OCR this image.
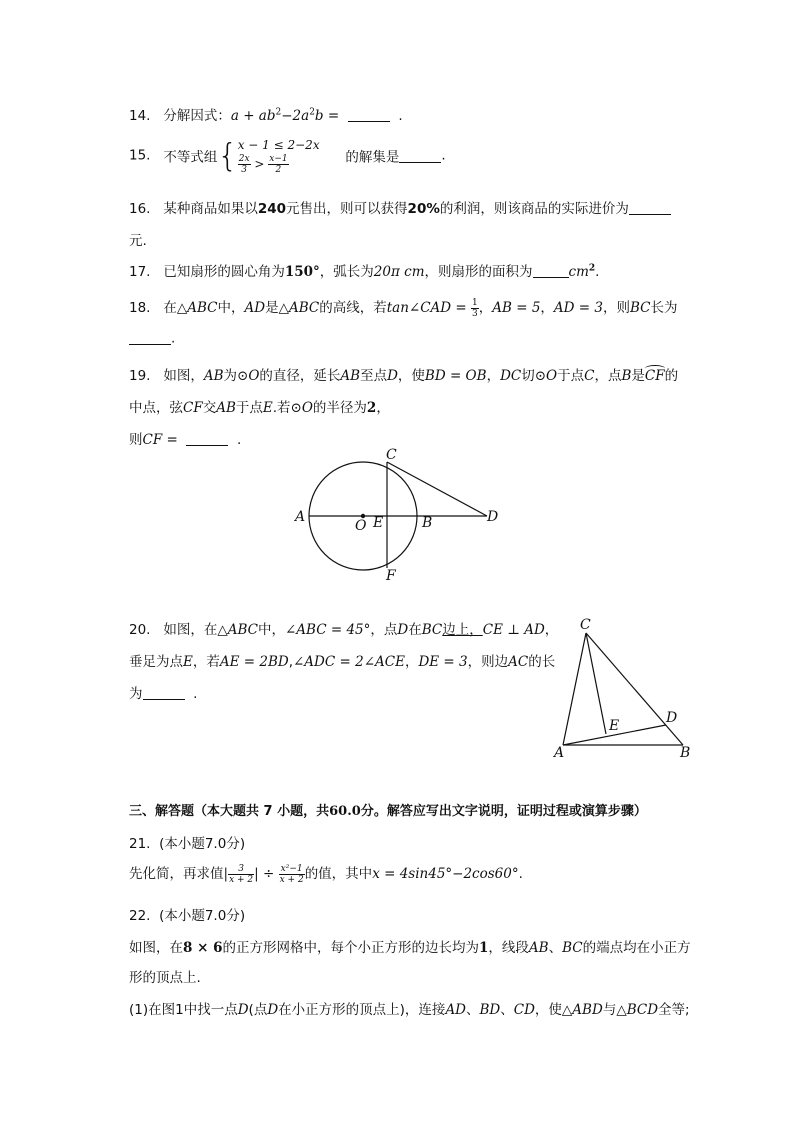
14. 分解因式：$a + ab^2-2a^2b$ =	.
15. 不等式组{ x − 1 ≤ 2−2x
$\frac{2x}{3} > \frac{x-1}{2}$	的解集是	.
16. 某种商品如果以240元售出，则可以获得20%的利润，则该商品的实际进价为
元.
17. 已知扇形的圆心角为150°，弧长为20π cm，则扇形的面积为	$cm^2$.
18. 在△ABC中，AD是△ABC的高线，若tan∠CAD = $\frac{1}{3}$ ，AB = 5，AD = 3，则BC长为
.
19. 如图，AB为⊙O的直径，延长AB至点D，使BD = OB，DC切⊙O于点C，点B是CF的
中点，弦CF交AB于点E.若⊙O的半径为2，
则CF =	.
A
O E	B	D
C
F
20. 如图，在△ABC中，∠ABC = 45°，点D在BC边上，CE ⊥ AD，
垂足为点E，若AE = 2BD,∠ADC = 2∠ACE，DE = 3，则边AC的长
为	.
C
E	D
A	B
三、解答题（本大题共 7 小题，共60.0分。解答应写出文字说明，证明过程或演算步骤）
21. (本小题7.0分)
先化简，再求值| $\frac{3}{x + 2}$ | ÷ $\frac{\text{x²−1}}{x + 2}$ 的值，其中x = 4sin45°−2cos60°.
22. (本小题7.0分)
如图，在8 × 6的正方形网格中，每个小正方形的边长均为1，线段AB、BC的端点均在小正方
形的顶点上.
(1)在图1中找一点D(点D在小正方形的顶点上)，连接AD、BD、CD，使△ABD与△BCD全等;
